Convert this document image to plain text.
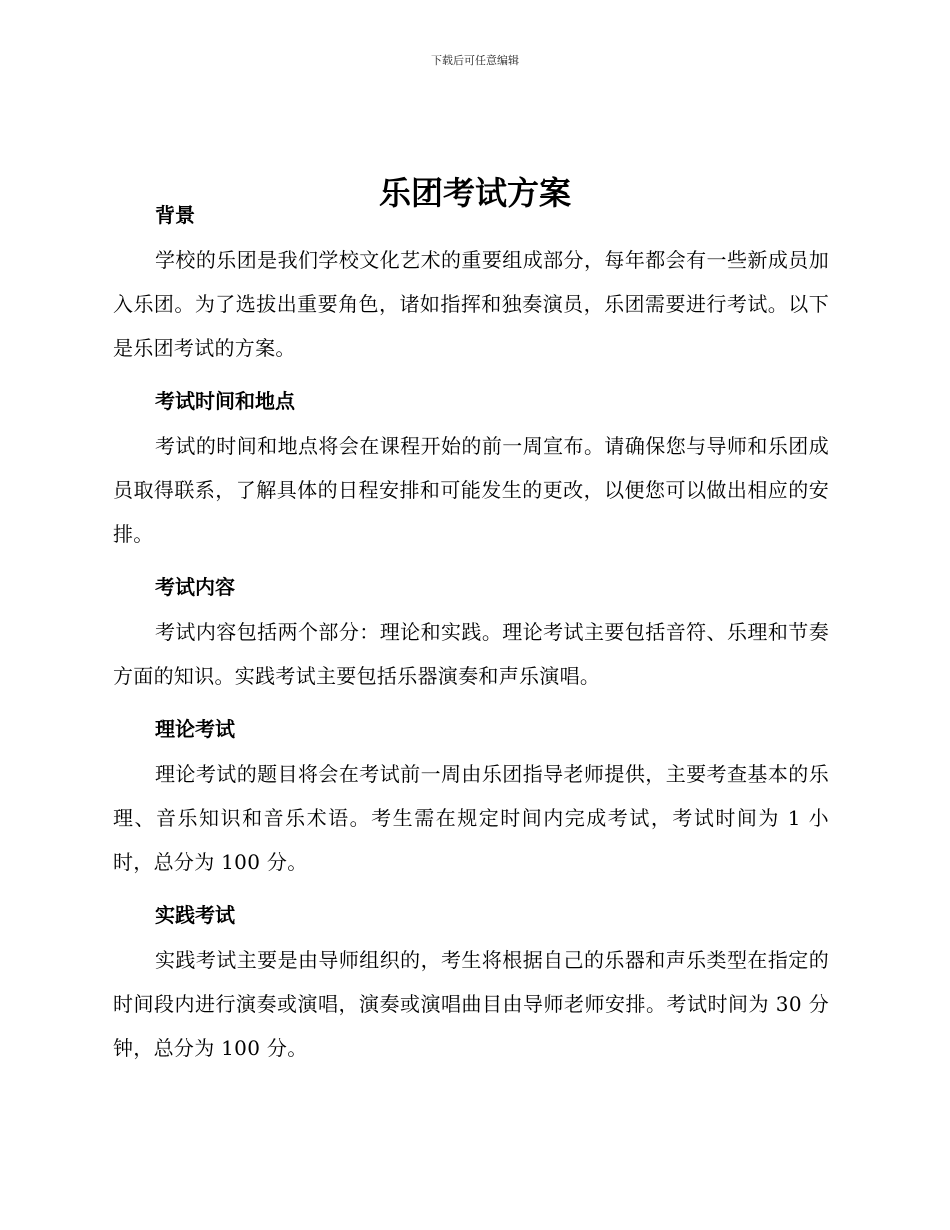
下载后可任意编辑
乐团考试方案
背景

学校的乐团是我们学校文化艺术的重要组成部分，每年都会有一些新成员加入乐团。为了选拔出重要角色，诸如指挥和独奏演员，乐团需要进行考试。以下是乐团考试的方案。

考试时间和地点

考试的时间和地点将会在课程开始的前一周宣布。请确保您与导师和乐团成员取得联系，了解具体的日程安排和可能发生的更改，以便您可以做出相应的安排。

考试内容

考试内容包括两个部分：理论和实践。理论考试主要包括音符、乐理和节奏方面的知识。实践考试主要包括乐器演奏和声乐演唱。

理论考试

理论考试的题目将会在考试前一周由乐团指导老师提供，主要考查基本的乐理、音乐知识和音乐术语。考生需在规定时间内完成考试，考试时间为 1 小时，总分为 100 分。

实践考试

实践考试主要是由导师组织的，考生将根据自己的乐器和声乐类型在指定的时间段内进行演奏或演唱，演奏或演唱曲目由导师老师安排。考试时间为 30 分钟，总分为 100 分。
